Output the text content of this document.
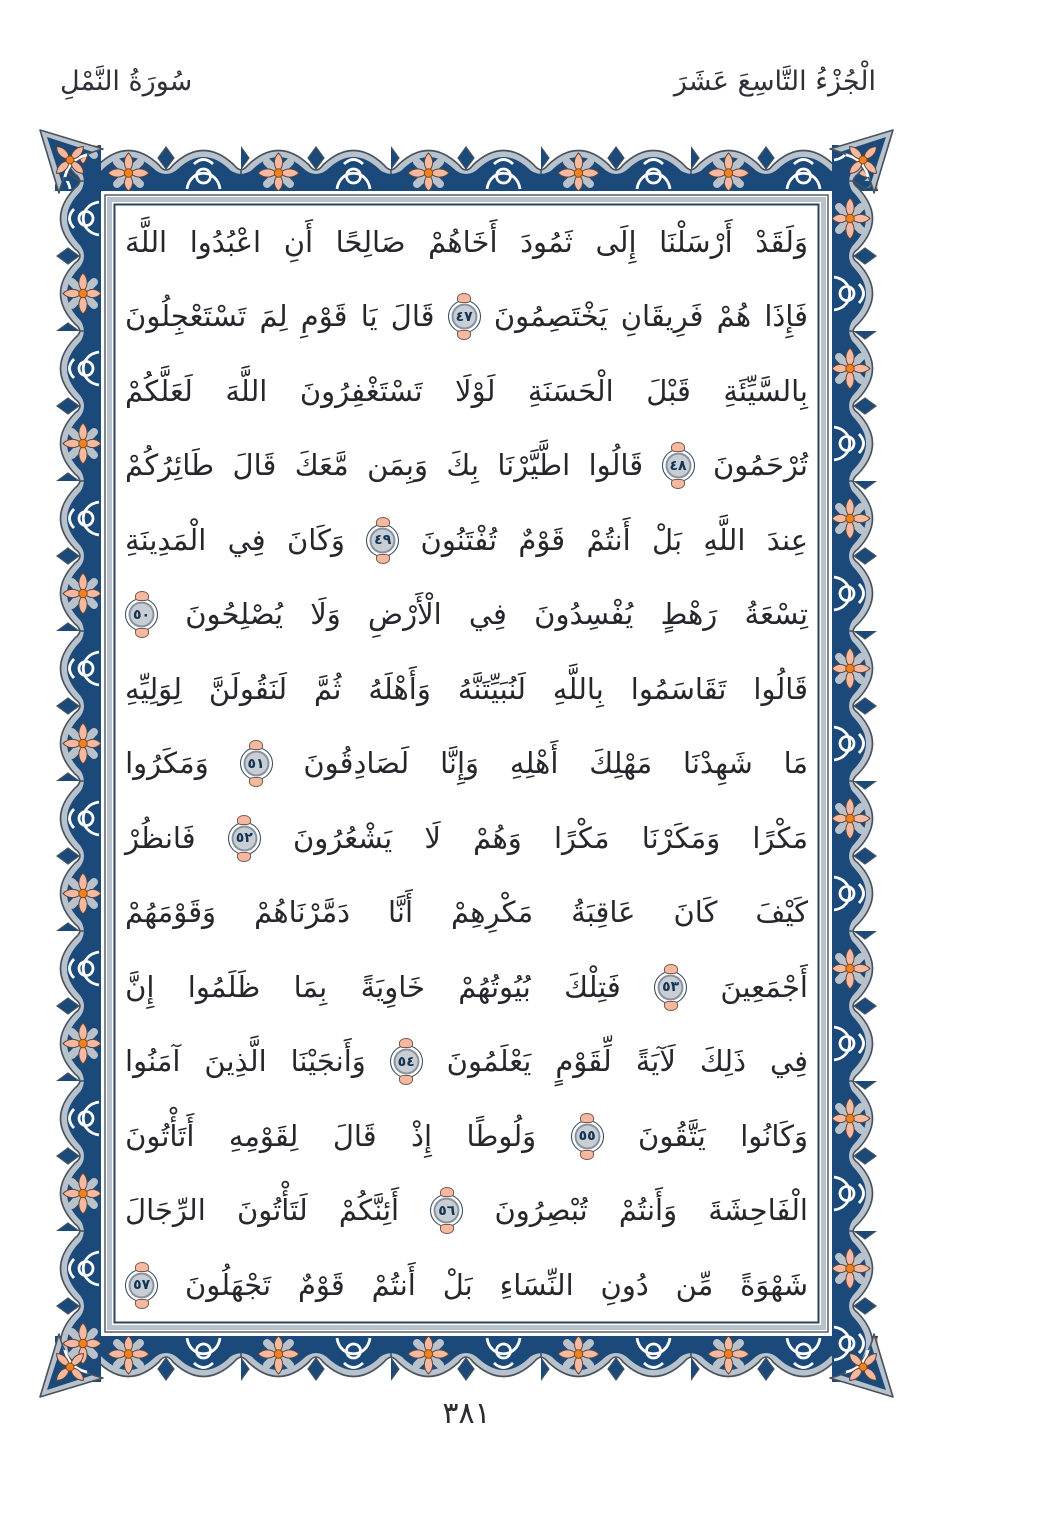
الْجُزْءُ التَّاسِعَ عَشَرَ
سُورَةُ النَّمْلِ
وَلَقَدْ
أَرْسَلْنَا
إِلَى
ثَمُودَ
أَخَاهُمْ
صَالِحًا
أَنِ
اعْبُدُوا
اللَّهَ
فَإِذَا
هُمْ
فَرِيقَانِ
يَخْتَصِمُونَ
٤٧
قَالَ
يَا
قَوْمِ
لِمَ
تَسْتَعْجِلُونَ
بِالسَّيِّئَةِ
قَبْلَ
الْحَسَنَةِ
لَوْلَا
تَسْتَغْفِرُونَ
اللَّهَ
لَعَلَّكُمْ
تُرْحَمُونَ
٤٨
قَالُوا
اطَّيَّرْنَا
بِكَ
وَبِمَن
مَّعَكَ
قَالَ
طَائِرُكُمْ
عِندَ
اللَّهِ
بَلْ
أَنتُمْ
قَوْمٌ
تُفْتَنُونَ
٤٩
وَكَانَ
فِي
الْمَدِينَةِ
تِسْعَةُ
رَهْطٍ
يُفْسِدُونَ
فِي
الْأَرْضِ
وَلَا
يُصْلِحُونَ
٥٠
قَالُوا
تَقَاسَمُوا
بِاللَّهِ
لَنُبَيِّتَنَّهُ
وَأَهْلَهُ
ثُمَّ
لَنَقُولَنَّ
لِوَلِيِّهِ
مَا
شَهِدْنَا
مَهْلِكَ
أَهْلِهِ
وَإِنَّا
لَصَادِقُونَ
٥١
وَمَكَرُوا
مَكْرًا
وَمَكَرْنَا
مَكْرًا
وَهُمْ
لَا
يَشْعُرُونَ
٥٢
فَانظُرْ
كَيْفَ
كَانَ
عَاقِبَةُ
مَكْرِهِمْ
أَنَّا
دَمَّرْنَاهُمْ
وَقَوْمَهُمْ
أَجْمَعِينَ
٥٣
فَتِلْكَ
بُيُوتُهُمْ
خَاوِيَةً
بِمَا
ظَلَمُوا
إِنَّ
فِي
ذَلِكَ
لَآيَةً
لِّقَوْمٍ
يَعْلَمُونَ
٥٤
وَأَنجَيْنَا
الَّذِينَ
آمَنُوا
وَكَانُوا
يَتَّقُونَ
٥٥
وَلُوطًا
إِذْ
قَالَ
لِقَوْمِهِ
أَتَأْتُونَ
الْفَاحِشَةَ
وَأَنتُمْ
تُبْصِرُونَ
٥٦
أَئِنَّكُمْ
لَتَأْتُونَ
الرِّجَالَ
شَهْوَةً
مِّن
دُونِ
النِّسَاءِ
بَلْ
أَنتُمْ
قَوْمٌ
تَجْهَلُونَ
٥٧
٣٨١
